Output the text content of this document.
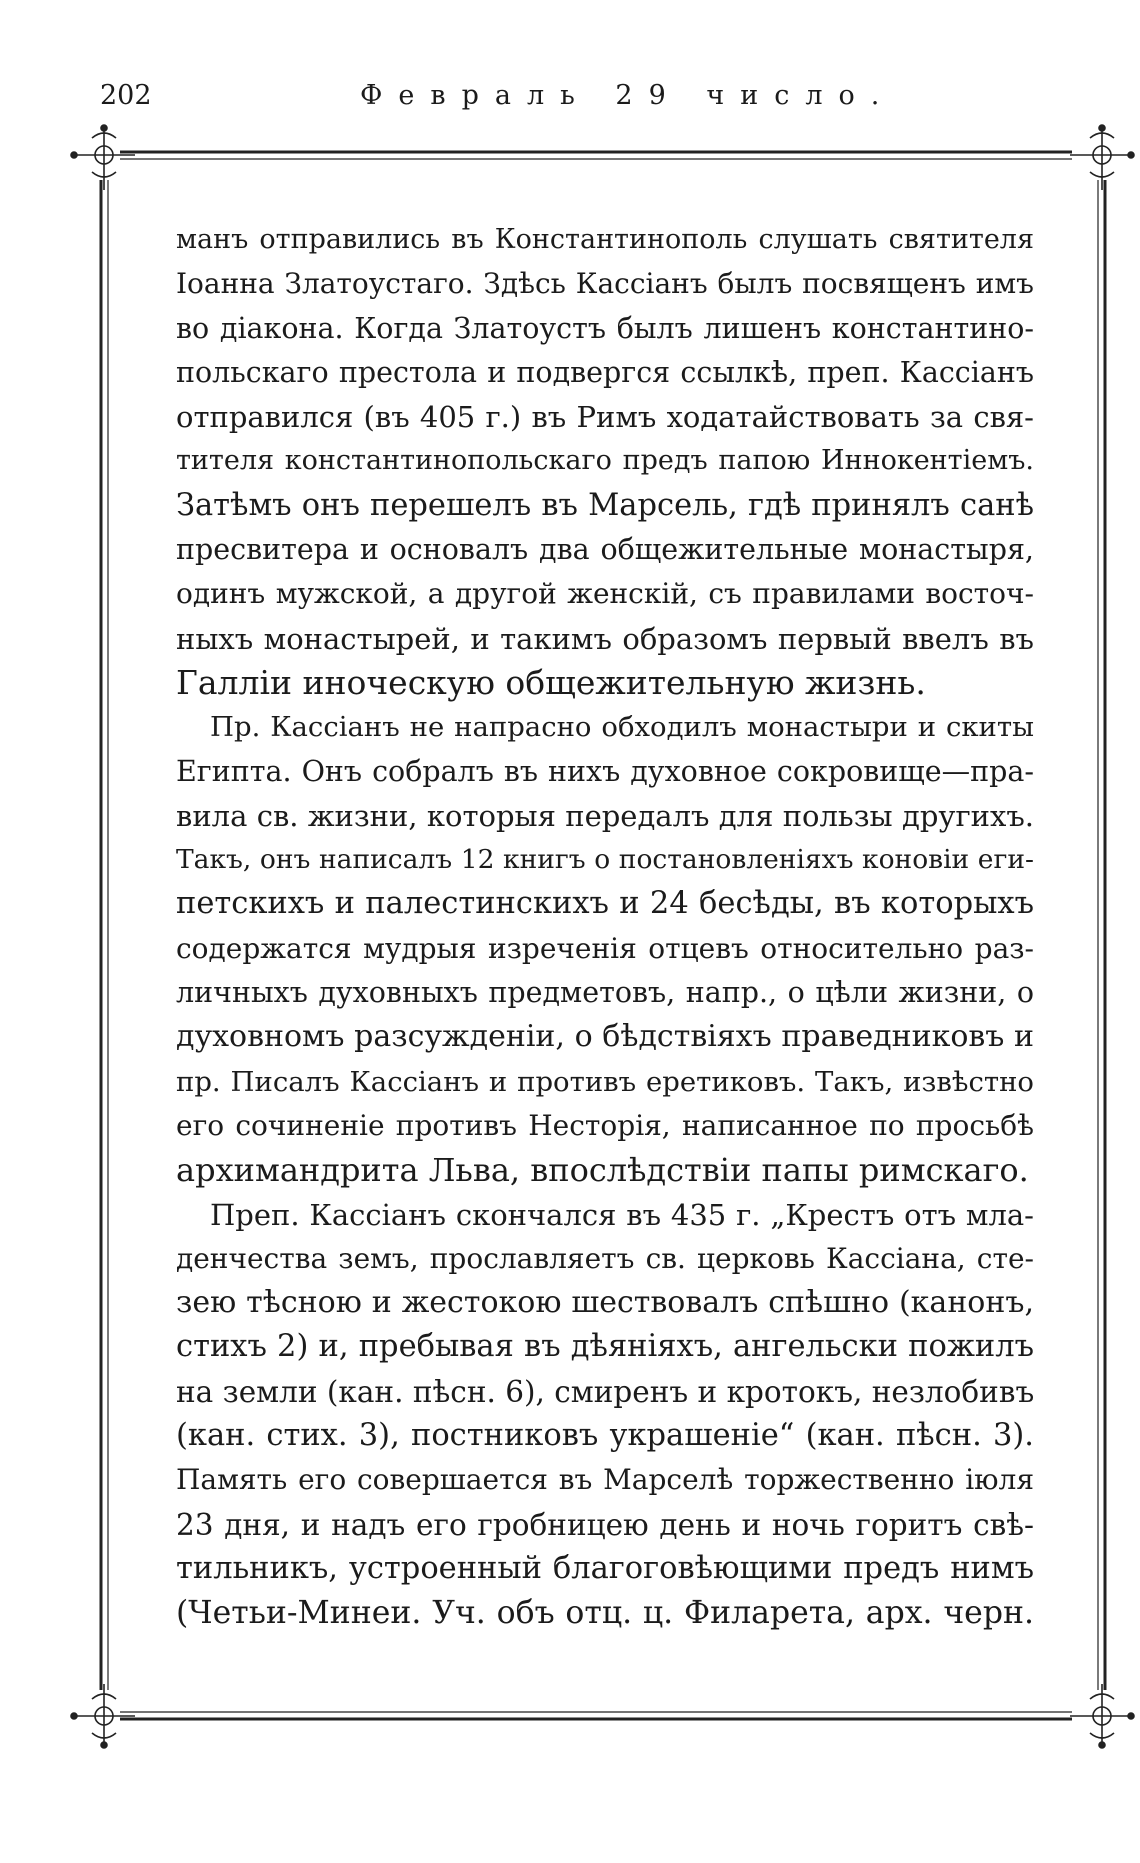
202	Февраль 29 число.
манъ отправились въ Константинополь слушать святителя
Іоанна Златоустаго. Здѣсь Кассіанъ былъ посвященъ имъ
во діакона. Когда Златоустъ былъ лишенъ константино-
польскаго престола и подвергся ссылкѣ, преп. Кассіанъ
отправился (въ 405 г.) въ Римъ ходатайствовать за свя-
тителя константинопольскаго предъ папою Иннокентіемъ.
Затѣмъ онъ перешелъ въ Марсель, гдѣ принялъ санѣ
пресвитера и основалъ два общежительные монастыря,
одинъ мужской, а другой женскій, съ правилами восточ-
ныхъ монастырей, и такимъ образомъ первый ввелъ въ
Галліи иноческую общежительную жизнь.
Пр. Кассіанъ не напрасно обходилъ монастыри и скиты
Египта. Онъ собралъ въ нихъ духовное сокровище—пра-
вила св. жизни, которыя передалъ для пользы другихъ.
Такъ, онъ написалъ 12 книгъ о постановленіяхъ коновіи еги-
петскихъ и палестинскихъ и 24 бесѣды, въ которыхъ
содержатся мудрыя изреченія отцевъ относительно раз-
личныхъ духовныхъ предметовъ, напр., о цѣли жизни, о
духовномъ разсужденіи, о бѣдствіяхъ праведниковъ и
пр. Писалъ Кассіанъ и противъ еретиковъ. Такъ, извѣстно
его сочиненіе противъ Несторія, написанное по просьбѣ
архимандрита Льва, впослѣдствіи папы римскаго.
Преп. Кассіанъ скончался въ 435 г. „Крестъ отъ мла-
денчества земъ, прославляетъ св. церковь Кассіана, сте-
зею тѣсною и жестокою шествовалъ спѣшно (канонъ,
стихъ 2) и, пребывая въ дѣяніяхъ, ангельски пожилъ
на земли (кан. пѣсн. 6), смиренъ и кротокъ, незлобивъ
(кан. стих. 3), постниковъ украшеніе“ (кан. пѣсн. 3).
Память его совершается въ Марселѣ торжественно іюля
23 дня, и надъ его гробницею день и ночь горитъ свѣ-
тильникъ, устроенный благоговѣющими предъ нимъ
(Четьи-Минеи. Уч. объ отц. ц. Филарета, арх. черн.
